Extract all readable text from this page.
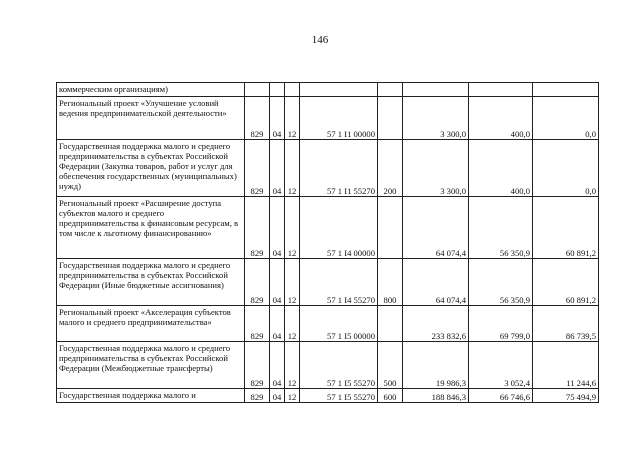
146
коммерческим организациям)								
Региональный проект «Улучшение условий ведения предпринимательской деятельности»	829	04	12	57 1 I1 00000		3 300,0	400,0	0,0
Государственная поддержка малого и среднего предпринимательства в субъектах Российской Федерации (Закупка товаров, работ и услуг для обеспечения государственных (муниципальных) нужд)	829	04	12	57 1 I1 55270	200	3 300,0	400,0	0,0
Региональный проект «Расширение доступа субъектов малого и среднего предпринимательства к финансовым ресурсам, в том числе к льготному финансированию»	829	04	12	57 1 I4 00000		64 074,4	56 350,9	60 891,2
Государственная поддержка малого и среднего предпринимательства в субъектах Российской Федерации (Иные бюджетные ассигнования)	829	04	12	57 1 I4 55270	800	64 074,4	56 350,9	60 891,2
Региональный проект «Акселерация субъектов малого и среднего предпринимательства»	829	04	12	57 1 I5 00000		233 832,6	69 799,0	86 739,5
Государственная поддержка малого и среднего предпринимательства в субъектах Российской Федерации (Межбюджетные трансферты)	829	04	12	57 1 I5 55270	500	19 986,3	3 052,4	11 244,6
Государственная поддержка малого и	829	04	12	57 1 I5 55270	600	188 846,3	66 746,6	75 494,9
